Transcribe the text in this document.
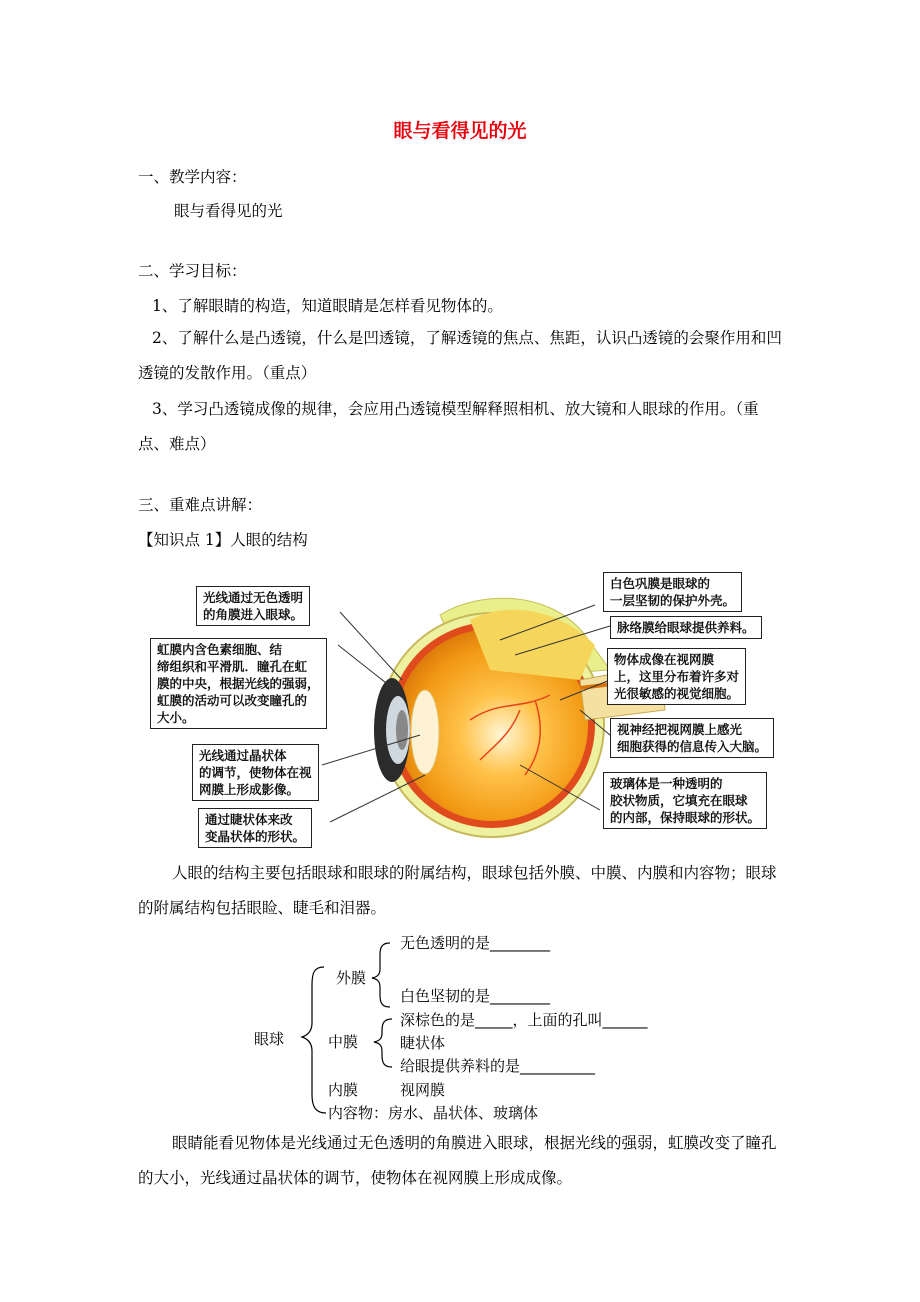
眼与看得见的光
一、教学内容：
眼与看得见的光
二、学习目标：
1、了解眼睛的构造，知道眼睛是怎样看见物体的。
2、了解什么是凸透镜，什么是凹透镜，了解透镜的焦点、焦距，认识凸透镜的会聚作用和凹透镜的发散作用。（重点）
3、学习凸透镜成像的规律，会应用凸透镜模型解释照相机、放大镜和人眼球的作用。（重点、难点）
三、重难点讲解：
【知识点 1】人眼的结构
光线通过无色透明
的角膜进入眼球。
虹膜内含色素细胞、结
缔组织和平滑肌．瞳孔在虹
膜的中央，根据光线的强弱，
虹膜的活动可以改变瞳孔的
大小。
光线通过晶状体
的调节，使物体在视
网膜上形成影像。
通过睫状体来改
变晶状体的形状。
白色巩膜是眼球的
一层坚韧的保护外壳。
脉络膜给眼球提供养料。
物体成像在视网膜
上，这里分布着许多对
光很敏感的视觉细胞。
视神经把视网膜上感光
细胞获得的信息传入大脑。
玻璃体是一种透明的
胶状物质，它填充在眼球
的内部，保持眼球的形状。
人眼的结构主要包括眼球和眼球的附属结构，眼球包括外膜、中膜、内膜和内容物；眼球的附属结构包括眼睑、睫毛和泪器。
眼球
外膜
无色透明的是________
白色坚韧的是________
中膜
深棕色的是_____，上面的孔叫______
睫状体
给眼提供养料的是__________
内膜	视网膜
内容物：房水、晶状体、玻璃体
眼睛能看见物体是光线通过无色透明的角膜进入眼球，根据光线的强弱，虹膜改变了瞳孔的大小，光线通过晶状体的调节，使物体在视网膜上形成成像。
